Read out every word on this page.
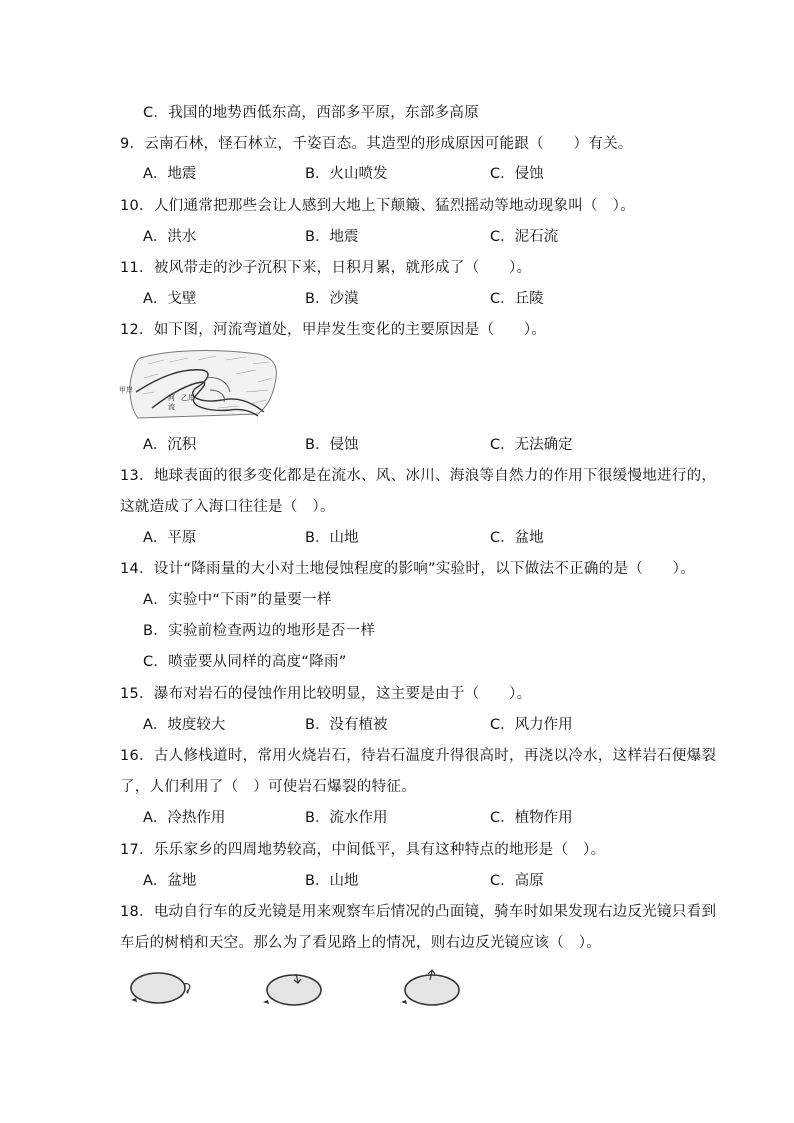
C．我国的地势西低东高，西部多平原，东部多高原
9．云南石林，怪石林立，千姿百态。其造型的形成原因可能跟（　　）有关。
A．地震	B．火山喷发	C．侵蚀
10．人们通常把那些会让人感到大地上下颠簸、猛烈摇动等地动现象叫（　）。
A．洪水	B．地震	C．泥石流
11．被风带走的沙子沉积下来，日积月累，就形成了（　　）。
A．戈壁	B．沙漠	C．丘陵
12．如下图，河流弯道处，甲岸发生变化的主要原因是（　　）。
甲岸
河
流
乙岸
A．沉积	B．侵蚀	C．无法确定
13．地球表面的很多变化都是在流水、风、冰川、海浪等自然力的作用下很缓慢地进行的，
这就造成了入海口往往是（　）。
A．平原	B．山地	C．盆地
14．设计“降雨量的大小对土地侵蚀程度的影响”实验时，以下做法不正确的是（　　）。
A．实验中“下雨”的量要一样
B．实验前检查两边的地形是否一样
C．喷壶要从同样的高度“降雨”
15．瀑布对岩石的侵蚀作用比较明显，这主要是由于（　　）。
A．坡度较大	B．没有植被	C．风力作用
16．古人修栈道时，常用火烧岩石，待岩石温度升得很高时，再浇以冷水，这样岩石便爆裂
了，人们利用了（　）可使岩石爆裂的特征。
A．冷热作用	B．流水作用	C．植物作用
17．乐乐家乡的四周地势较高，中间低平，具有这种特点的地形是（　）。
A．盆地	B．山地	C．高原
18．电动自行车的反光镜是用来观察车后情况的凸面镜，骑车时如果发现右边反光镜只看到
车后的树梢和天空。那么为了看见路上的情况，则右边反光镜应该（　）。
